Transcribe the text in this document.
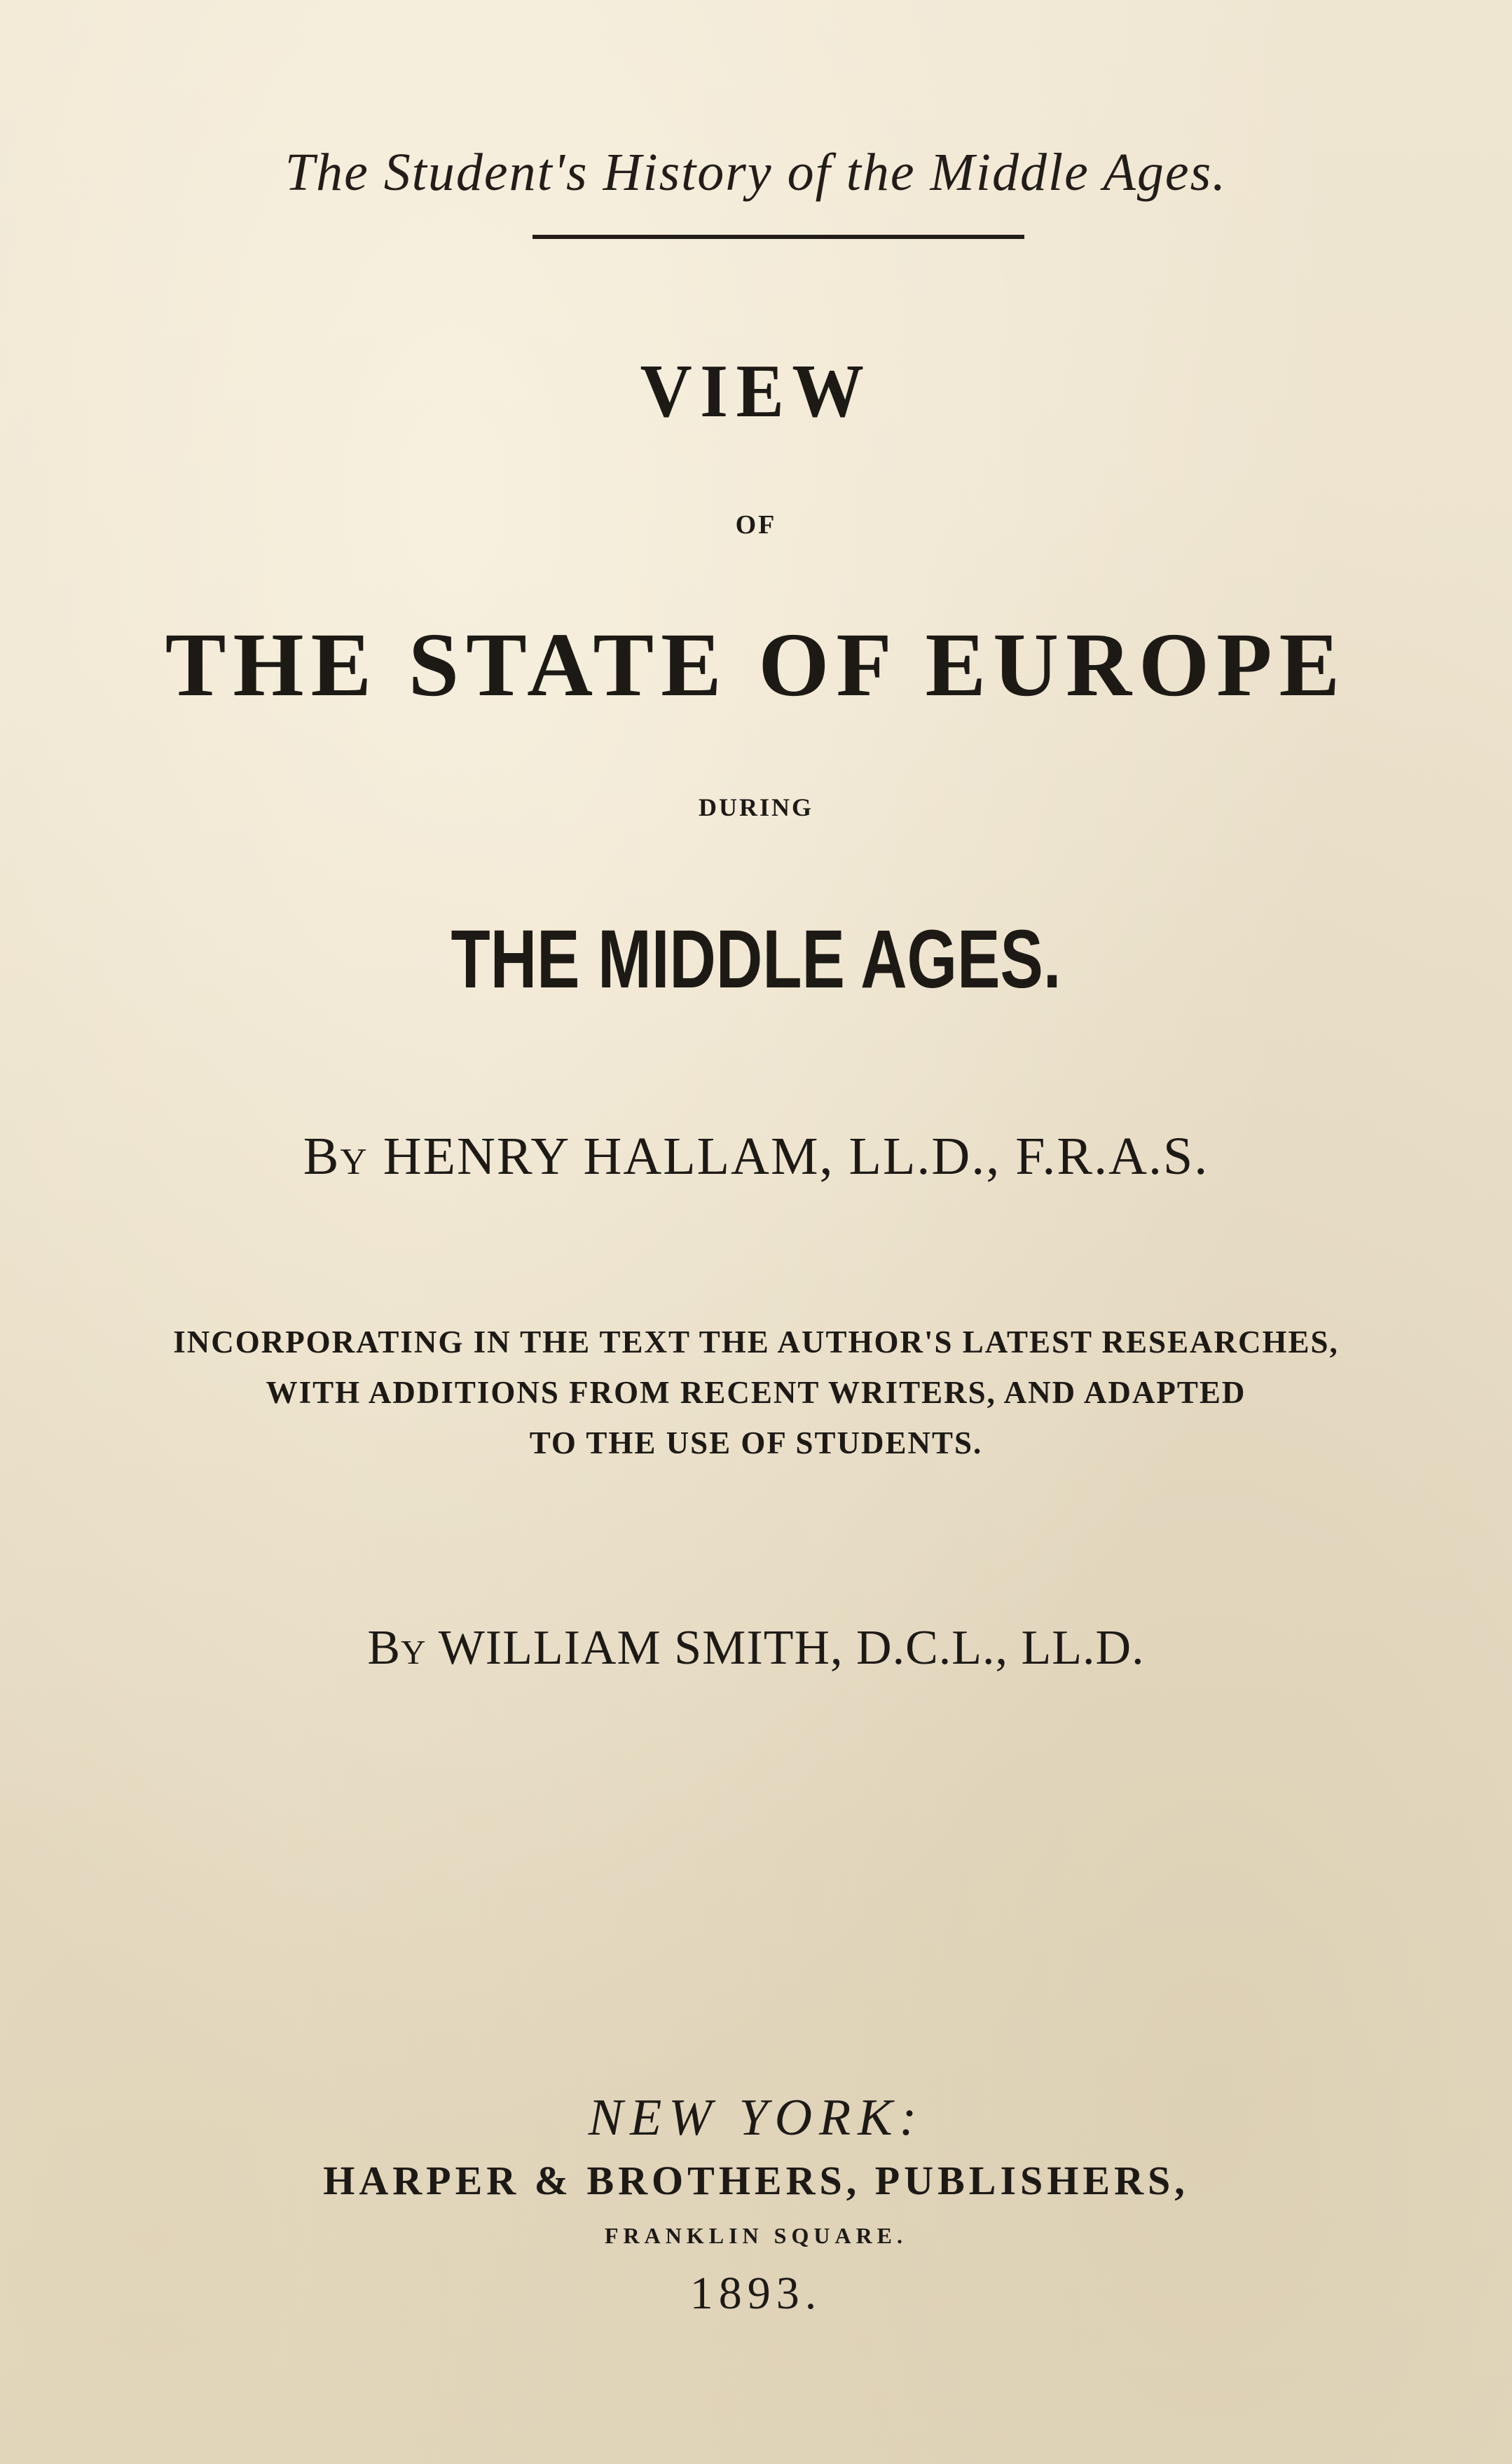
The Student's History of the Middle Ages.
VIEW
OF
THE STATE OF EUROPE
DURING
THE MIDDLE AGES.
By HENRY HALLAM, LL.D., F.R.A.S.
INCORPORATING IN THE TEXT THE AUTHOR'S LATEST RESEARCHES,
WITH ADDITIONS FROM RECENT WRITERS, AND ADAPTED
TO THE USE OF STUDENTS.
By WILLIAM SMITH, D.C.L., LL.D.
NEW YORK:
HARPER & BROTHERS, PUBLISHERS,
FRANKLIN SQUARE.
1893.
